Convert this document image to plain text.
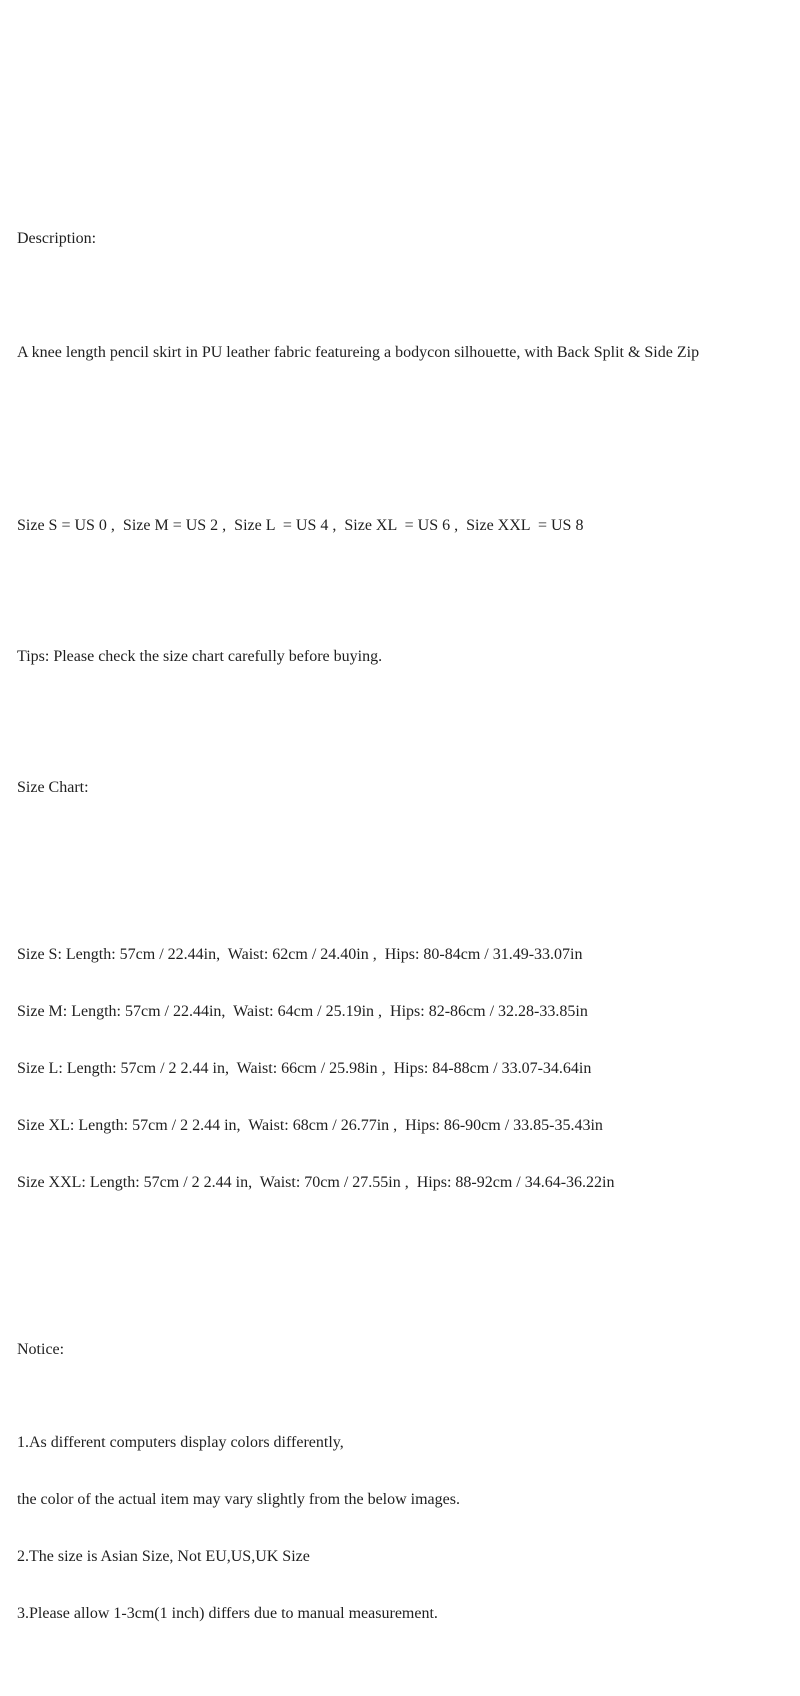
Description:

A knee length pencil skirt in PU leather fabric featureing a bodycon silhouette, with Back Split & Side Zip

Size S = US 0 ,  Size M = US 2 ,  Size L  = US 4 ,  Size XL  = US 6 ,  Size XXL  = US 8

Tips: Please check the size chart carefully before buying.

Size Chart:

Size S: Length: 57cm / 22.44in,  Waist: 62cm / 24.40in ,  Hips: 80-84cm / 31.49-33.07in

Size M: Length: 57cm / 22.44in,  Waist: 64cm / 25.19in ,  Hips: 82-86cm / 32.28-33.85in

Size L: Length: 57cm / 2 2.44 in,  Waist: 66cm / 25.98in ,  Hips: 84-88cm / 33.07-34.64in

Size XL: Length: 57cm / 2 2.44 in,  Waist: 68cm / 26.77in ,  Hips: 86-90cm / 33.85-35.43in

Size XXL: Length: 57cm / 2 2.44 in,  Waist: 70cm / 27.55in ,  Hips: 88-92cm / 34.64-36.22in

Notice:

1.As different computers display colors differently,

the color of the actual item may vary slightly from the below images.

2.The size is Asian Size, Not EU,US,UK Size

3.Please allow 1-3cm(1 inch) differs due to manual measurement.
